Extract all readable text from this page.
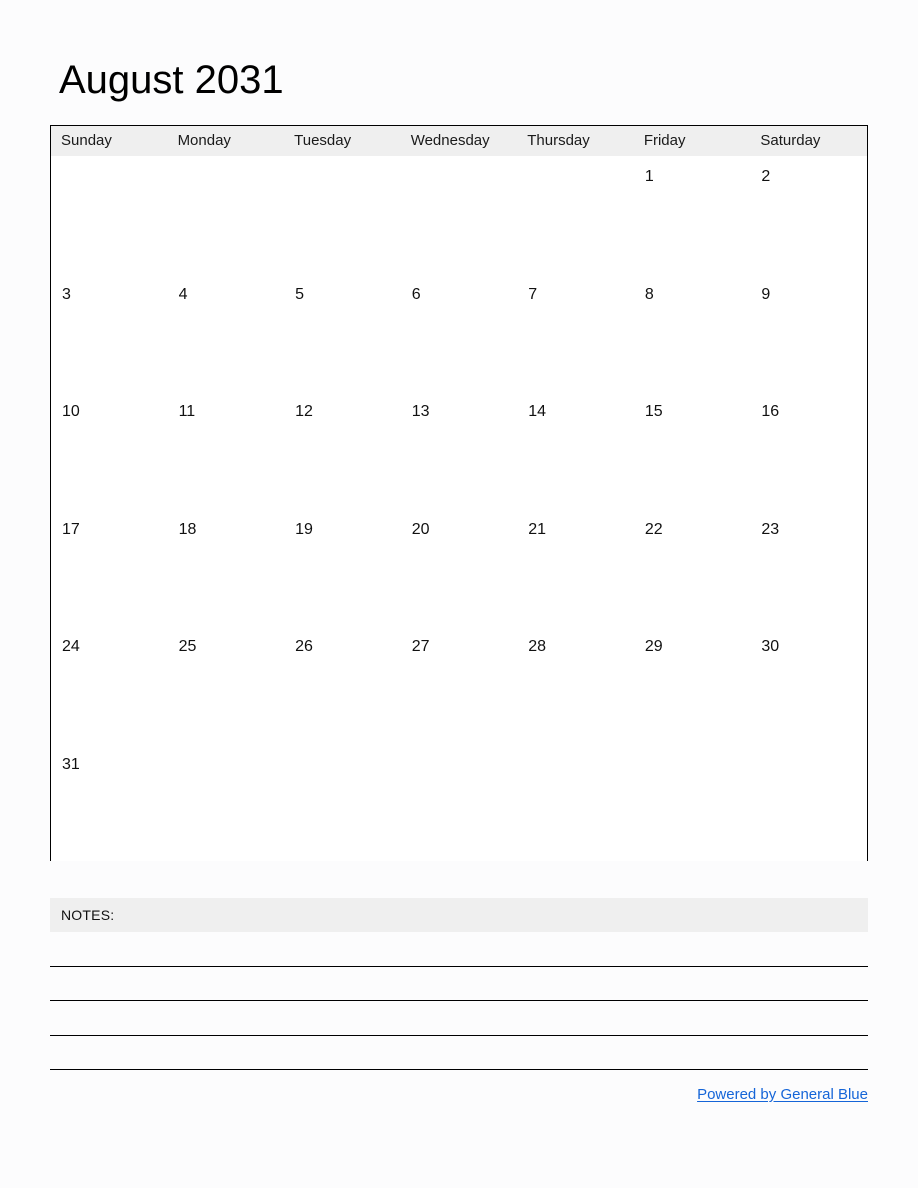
August 2031
Sunday	Monday	Tuesday	Wednesday	Thursday	Friday	Saturday
					1	2
3	4	5	6	7	8	9
10	11	12	13	14	15	16
17	18	19	20	21	22	23
24	25	26	27	28	29	30
31						
NOTES:
Powered by General Blue
